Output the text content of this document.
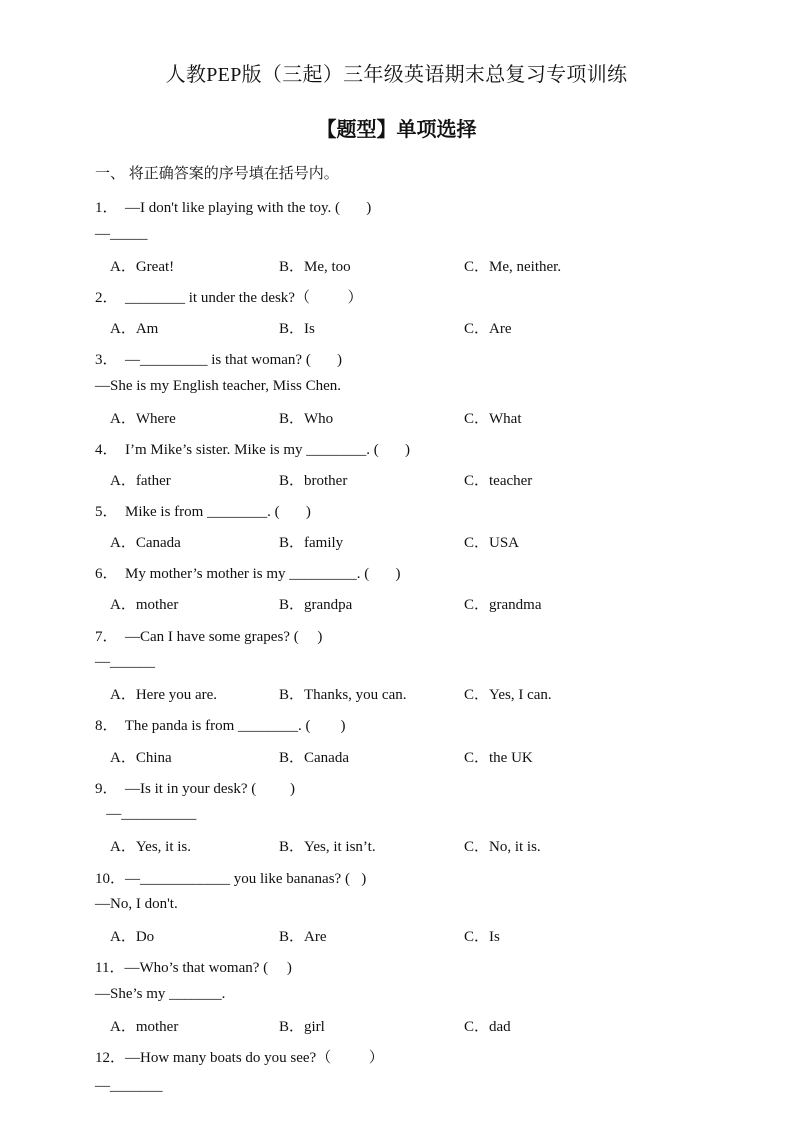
人教PEP版（三起）三年级英语期末总复习专项训练
【题型】单项选择
一、 将正确答案的序号填在括号内。
1．  —I don't like playing with the toy. (       )
—_____
A．Great!	B．Me, too	C．Me, neither.
2．  ________ it under the desk?（          ）
A．Am	B．Is	C．Are
3．  —_________ is that woman? (       )
—She is my English teacher, Miss Chen.
A．Where	B．Who	C．What
4．  I’m Mike’s sister. Mike is my ________. (       )
A．father	B．brother	C．teacher
5．  Mike is from ________. (       )
A．Canada	B．family	C．USA
6．  My mother’s mother is my _________. (       )
A．mother	B．grandpa	C．grandma
7．  —Can I have some grapes? (     )
—______
A．Here you are.	B．Thanks, you can.	C．Yes, I can.
8．  The panda is from ________. (        )
A．China	B．Canada	C．the UK
9．  —Is it in your desk? (         )
—__________
A．Yes, it is.	B．Yes, it isn’t.	C．No, it is.
10．—____________ you like bananas? (   )
—No, I don't.
A．Do	B．Are	C．Is
11．—Who’s that woman? (     )
—She’s my _______.
A．mother	B．girl	C．dad
12．—How many boats do you see?（          ）
—_______
